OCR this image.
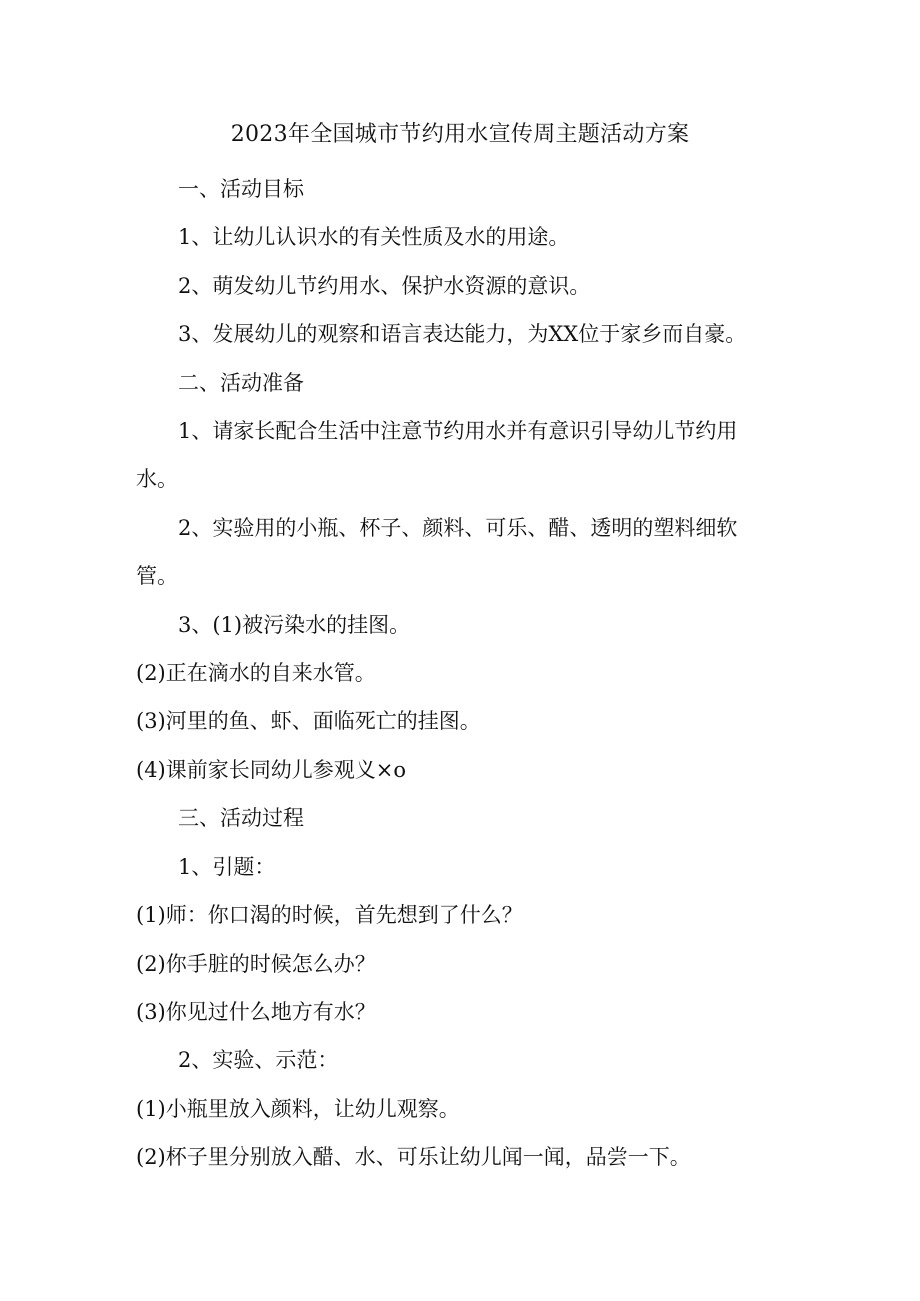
2023年全国城市节约用水宣传周主题活动方案
一、活动目标
1、让幼儿认识水的有关性质及水的用途。
2、萌发幼儿节约用水、保护水资源的意识。
3、发展幼儿的观察和语言表达能力，为XX位于家乡而自豪。
二、活动准备
1、请家长配合生活中注意节约用水并有意识引导幼儿节约用
水。
2、实验用的小瓶、杯子、颜料、可乐、醋、透明的塑料细软
管。
3、(1)被污染水的挂图。
(2)正在滴水的自来水管。
(3)河里的鱼、虾、面临死亡的挂图。
(4)课前家长同幼儿参观义×o
三、活动过程
1、引题：
(1)师：你口渴的时候，首先想到了什么？
(2)你手脏的时候怎么办？
(3)你见过什么地方有水？
2、实验、示范：
(1)小瓶里放入颜料，让幼儿观察。
(2)杯子里分别放入醋、水、可乐让幼儿闻一闻，品尝一下。
